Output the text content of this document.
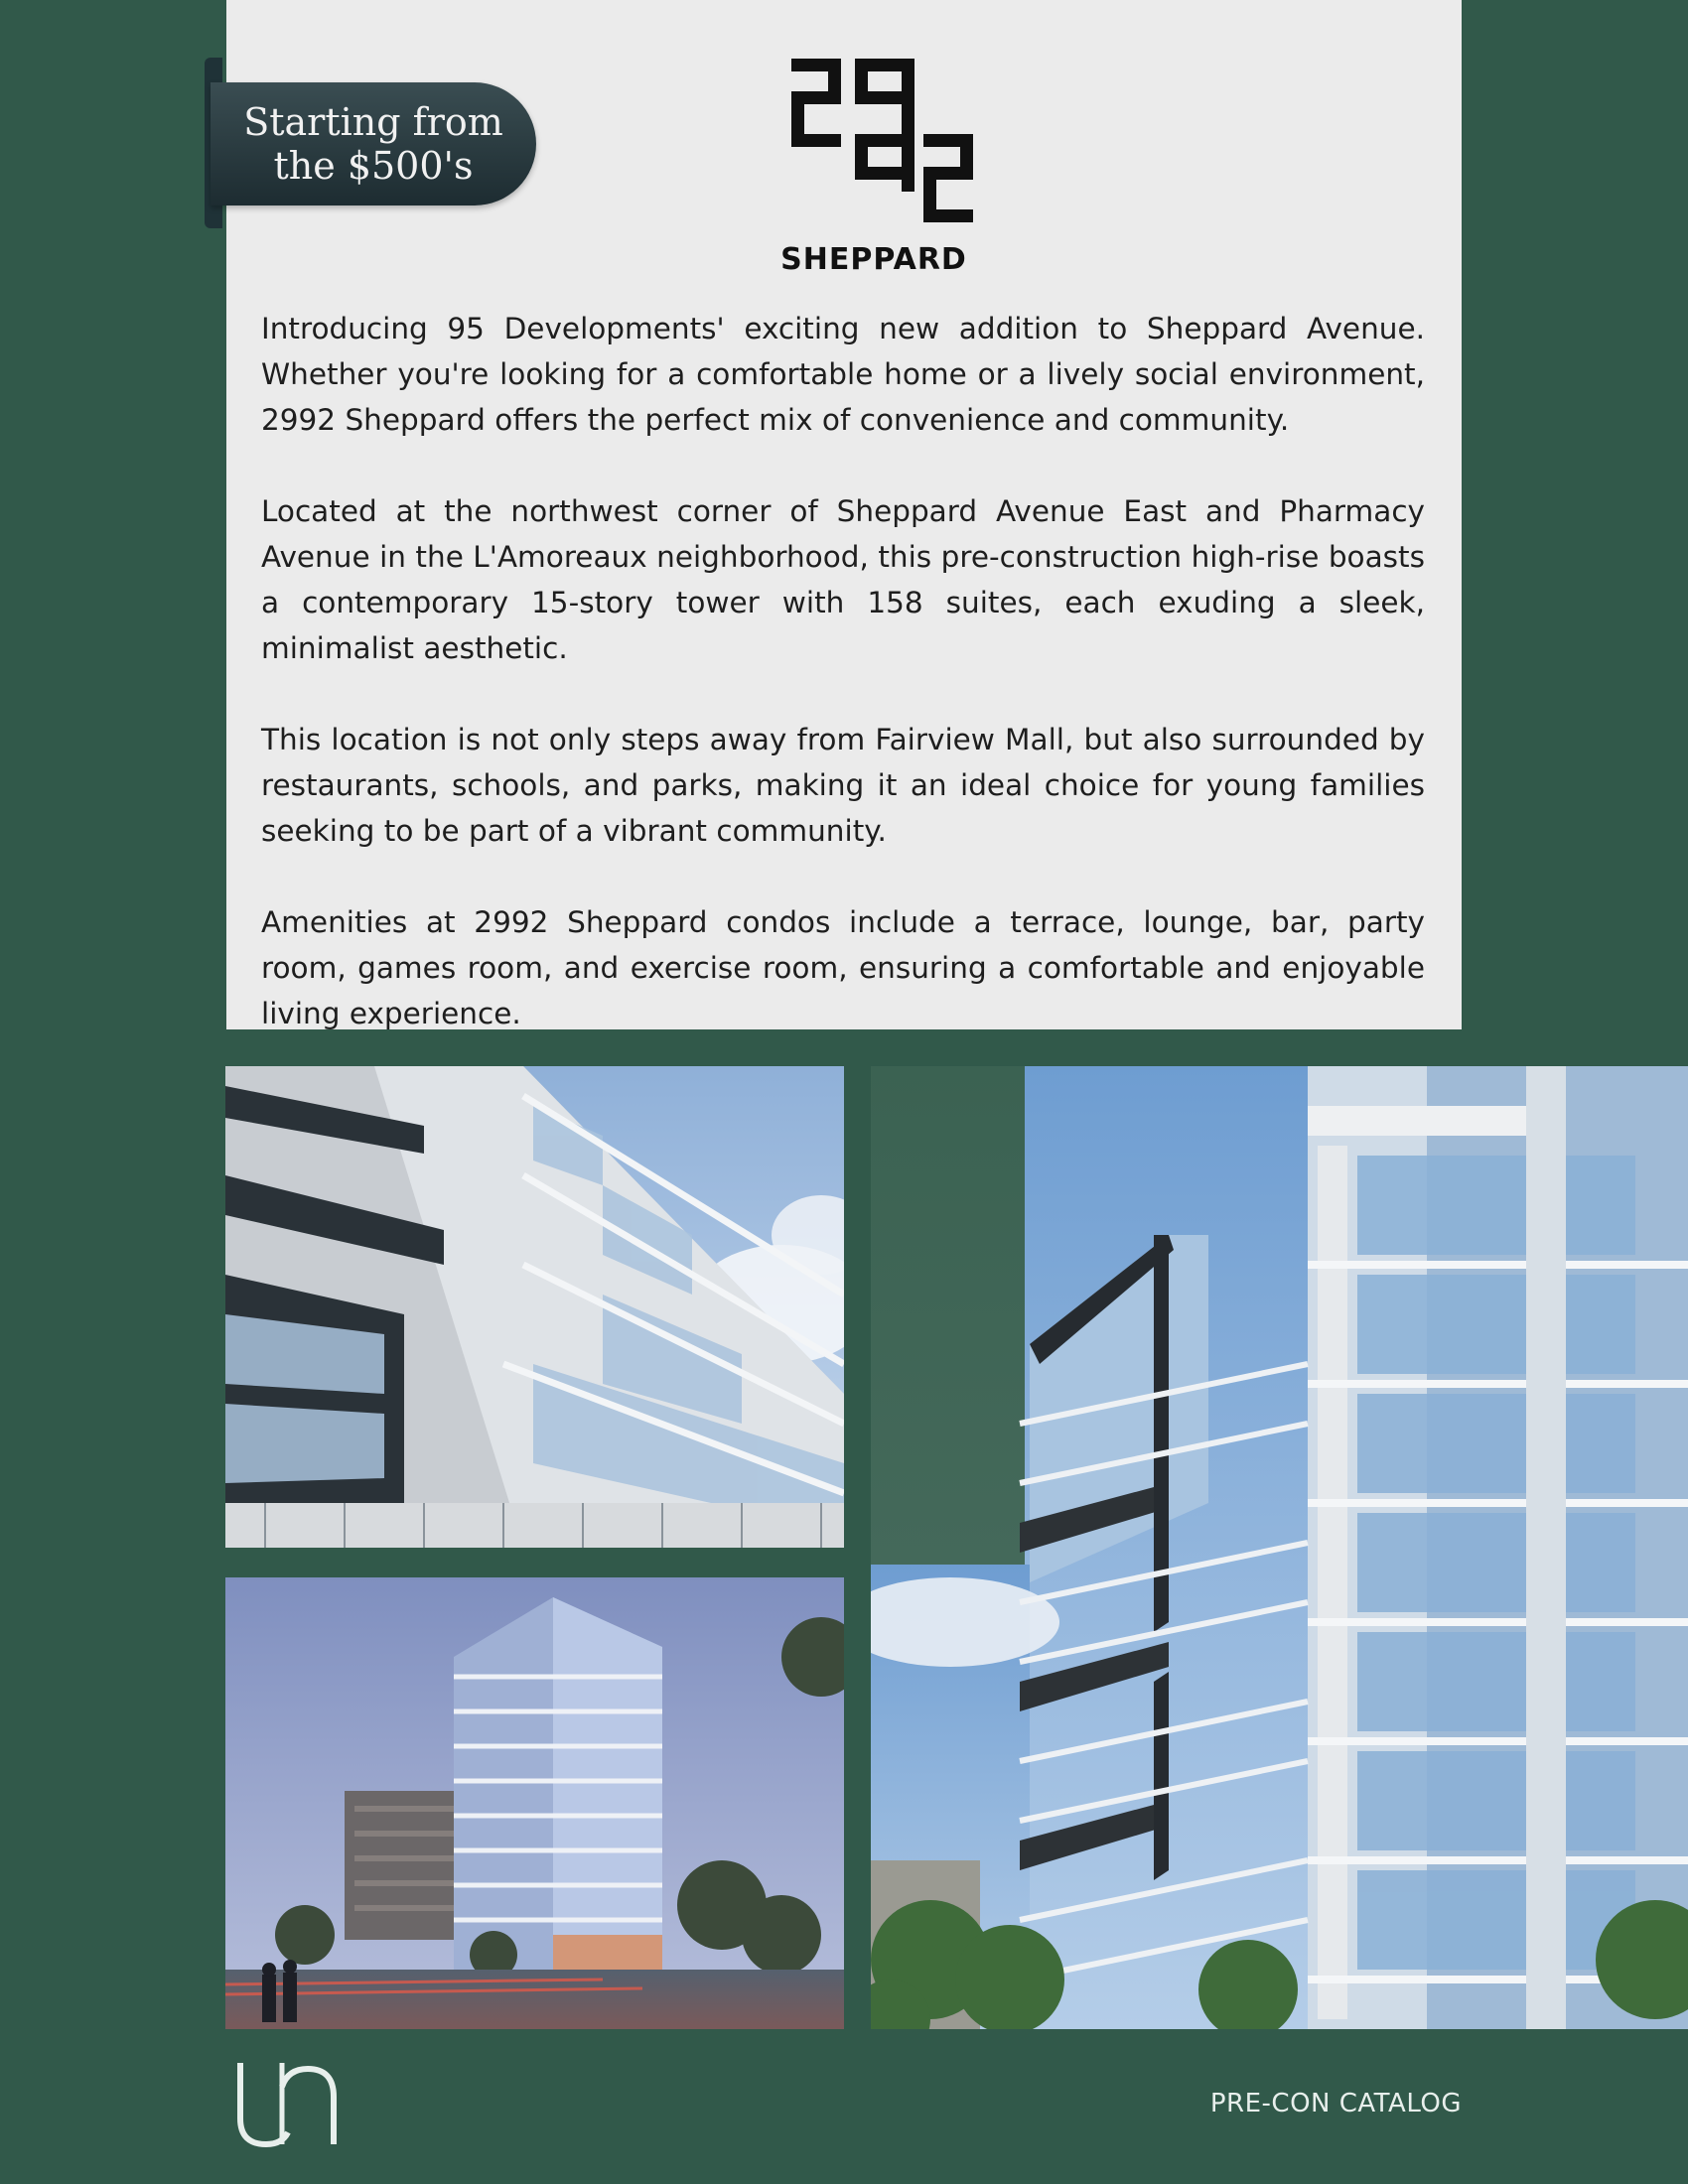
Starting from
the $500's
SHEPPARD

Introducing 95 Developments' exciting new addition to Sheppard Avenue. Whether you're looking for a comfortable home or a lively social environment, 2992 Sheppard offers the perfect mix of convenience and community.

Located at the northwest corner of Sheppard Avenue East and Pharmacy Avenue in the L'Amoreaux neighborhood, this pre-construction high-rise boasts a contemporary 15-story tower with 158 suites, each exuding a sleek, minimalist aesthetic.

This location is not only steps away from Fairview Mall, but also surrounded by restaurants, schools, and parks, making it an ideal choice for young families seeking to be part of a vibrant community.

Amenities at 2992 Sheppard condos include a terrace, lounge, bar, party room, games room, and exercise room, ensuring a comfortable and enjoyable living experience.

PRE-CON CATALOG
